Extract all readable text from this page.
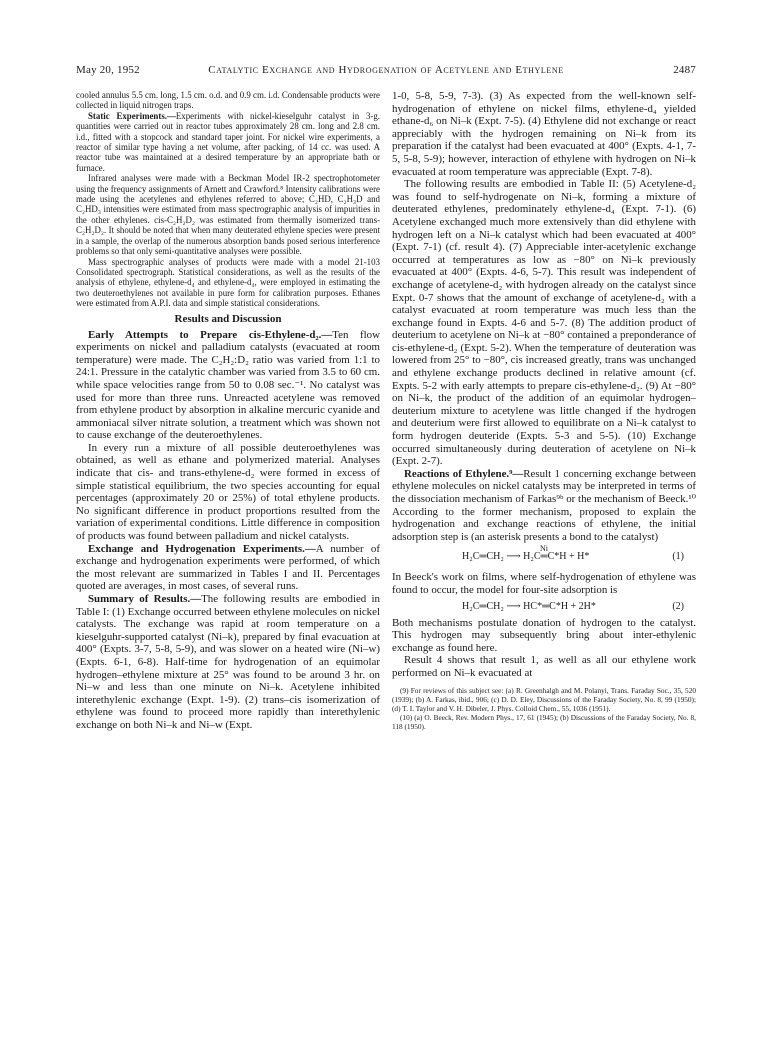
May 20, 1952	Catalytic Exchange and Hydrogenation of Acetylene and Ethylene	2487

cooled annulus 5.5 cm. long, 1.5 cm. o.d. and 0.9 cm. i.d. Condensable products were collected in liquid nitrogen traps.

Static Experiments.—Experiments with nickel-kieselguhr catalyst in 3-g. quantities were carried out in reactor tubes approximately 28 cm. long and 2.8 cm. i.d., fitted with a stopcock and standard taper joint. For nickel wire experiments, a reactor of similar type having a net volume, after packing, of 14 cc. was used. A reactor tube was maintained at a desired temperature by an appropriate bath or furnace.

Infrared analyses were made with a Beckman Model IR-2 spectrophotometer using the frequency assignments of Arnett and Crawford.⁸ Intensity calibrations were made using the acetylenes and ethylenes referred to above; C₂HD, C₂H₃D and C₂HD₃ intensities were estimated from mass spectrographic analysis of impurities in the other ethylenes. cis-C₂H₂D₂ was estimated from thermally isomerized trans-C₂H₂D₂. It should be noted that when many deuterated ethylene species were present in a sample, the overlap of the numerous absorption bands posed serious interference problems so that only semi-quantitative analyses were possible.

Mass spectrographic analyses of products were made with a model 21-103 Consolidated spectrograph. Statistical considerations, as well as the results of the analysis of ethylene, ethylene-d₄ and ethylene-d₄, were employed in estimating the two deuteroethylenes not available in pure form for calibration purposes. Ethanes were estimated from A.P.I. data and simple statistical considerations.

Results and Discussion

Early Attempts to Prepare cis-Ethylene-d₂.—Ten flow experiments on nickel and palladium catalysts (evacuated at room temperature) were made. The C₂H₂:D₂ ratio was varied from 1:1 to 24:1. Pressure in the catalytic chamber was varied from 3.5 to 60 cm. while space velocities range from 50 to 0.08 sec.⁻¹. No catalyst was used for more than three runs. Unreacted acetylene was removed from ethylene product by absorption in alkaline mercuric cyanide and ammoniacal silver nitrate solution, a treatment which was shown not to cause exchange of the deuteroethylenes.

In every run a mixture of all possible deuteroethylenes was obtained, as well as ethane and polymerized material. Analyses indicate that cis- and trans-ethylene-d₂ were formed in excess of simple statistical equilibrium, the two species accounting for equal percentages (approximately 20 or 25%) of total ethylene products. No significant difference in product proportions resulted from the variation of experimental conditions. Little difference in composition of products was found between palladium and nickel catalysts.

Exchange and Hydrogenation Experiments.—A number of exchange and hydrogenation experiments were performed, of which the most relevant are summarized in Tables I and II. Percentages quoted are averages, in most cases, of several runs.

Summary of Results.—The following results are embodied in Table I: (1) Exchange occurred between ethylene molecules on nickel catalysts. The exchange was rapid at room temperature on a kieselguhr-supported catalyst (Ni–k), prepared by final evacuation at 400° (Expts. 3-7, 5-8, 5-9), and was slower on a heated wire (Ni–w) (Expts. 6-1, 6-8). Half-time for hydrogenation of an equimolar hydrogen–ethylene mixture at 25° was found to be around 3 hr. on Ni–w and less than one minute on Ni–k. Acetylene inhibited interethylenic exchange (Expt. 1-9). (2) trans–cis isomerization of ethylene was found to proceed more rapidly than interethylenic exchange on both Ni–k and Ni–w (Expt.

1-0, 5-8, 5-9, 7-3). (3) As expected from the well-known self-hydrogenation of ethylene on nickel films, ethylene-d₄ yielded ethane-d₆ on Ni–k (Expt. 7-5). (4) Ethylene did not exchange or react appreciably with the hydrogen remaining on Ni–k from its preparation if the catalyst had been evacuated at 400° (Expts. 4-1, 7-5, 5-8, 5-9); however, interaction of ethylene with hydrogen on Ni–k evacuated at room temperature was appreciable (Expt. 7-8).

The following results are embodied in Table II: (5) Acetylene-d₂ was found to self-hydrogenate on Ni–k, forming a mixture of deuterated ethylenes, predominately ethylene-d₄ (Expt. 7-1). (6) Acetylene exchanged much more extensively than did ethylene with hydrogen left on a Ni–k catalyst which had been evacuated at 400° (Expt. 7-1) (cf. result 4). (7) Appreciable inter-acetylenic exchange occurred at temperatures as low as −80° on Ni–k previously evacuated at 400° (Expts. 4-6, 5-7). This result was independent of exchange of acetylene-d₂ with hydrogen already on the catalyst since Expt. 0-7 shows that the amount of exchange of acetylene-d₂ with a catalyst evacuated at room temperature was much less than the exchange found in Expts. 4-6 and 5-7. (8) The addition product of deuterium to acetylene on Ni–k at −80° contained a preponderance of cis-ethylene-d₂ (Expt. 5-2). When the temperature of deuteration was lowered from 25° to −80°, cis increased greatly, trans was unchanged and ethylene exchange products declined in relative amount (cf. Expts. 5-2 with early attempts to prepare cis-ethylene-d₂. (9) At −80° on Ni–k, the product of the addition of an equimolar hydrogen–deuterium mixture to acetylene was little changed if the hydrogen and deuterium were first allowed to equilibrate on a Ni–k catalyst to form hydrogen deuteride (Expts. 5-3 and 5-5). (10) Exchange occurred simultaneously during deuteration of acetylene on Ni–k (Expt. 2-7).

Reactions of Ethylene.⁹—Result 1 concerning exchange between ethylene molecules on nickel catalysts may be interpreted in terms of the dissociation mechanism of Farkas⁹ᵇ or the mechanism of Beeck.¹⁰ According to the former mechanism, proposed to explain the hydrogenation and exchange reactions of ethylene, the initial adsorption step is (an asterisk presents a bond to the catalyst)

Ni
H₂C═CH₂ ⟶ H₂C═C*H + H*	(1)

In Beeck's work on films, where self-hydrogenation of ethylene was found to occur, the model for four-site adsorption is

H₂C═CH₂ ⟶ HC*═C*H + 2H*	(2)

Both mechanisms postulate donation of hydrogen to the catalyst. This hydrogen may subsequently bring about inter-ethylenic exchange as found here.

Result 4 shows that result 1, as well as all our ethylene work performed on Ni–k evacuated at

(9) For reviews of this subject see: (a) R. Greenhalgh and M. Polanyi, Trans. Faraday Soc., 35, 520 (1939); (b) A. Farkas, ibid., 906; (c) D. D. Eley, Discussions of the Faraday Society, No. 8, 99 (1950); (d) T. I. Taylor and V. H. Dibeler, J. Phys. Colloid Chem., 55, 1036 (1951).

(10) (a) O. Beeck, Rev. Modern Phys., 17, 61 (1945); (b) Discussions of the Faraday Society, No. 8, 118 (1950).
